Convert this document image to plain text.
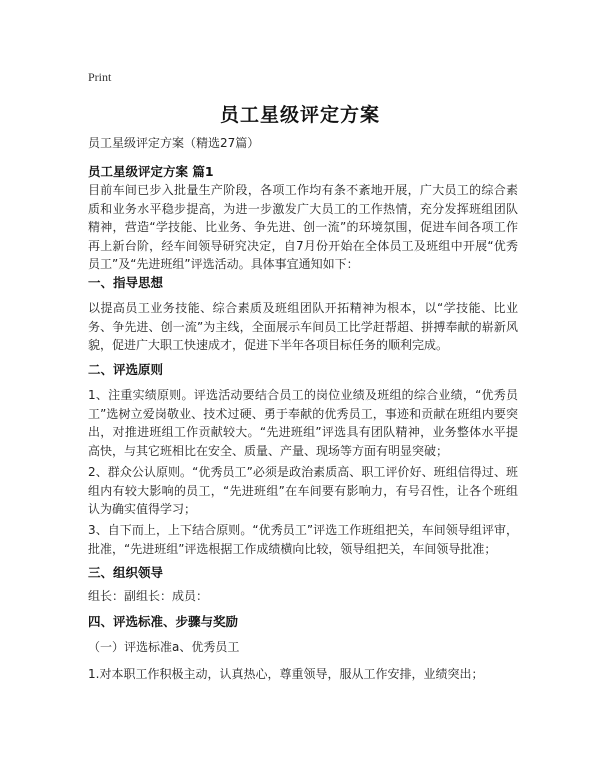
Print
员工星级评定方案
员工星级评定方案（精选27篇）
员工星级评定方案 篇1
目前车间已步入批量生产阶段，各项工作均有条不紊地开展，广大员工的综合素质和业务水平稳步提高，为进一步激发广大员工的工作热情，充分发挥班组团队精神，营造“学技能、比业务、争先进、创一流”的环境氛围，促进车间各项工作再上新台阶，经车间领导研究决定，自7月份开始在全体员工及班组中开展“优秀员工”及“先进班组”评选活动。具体事宜通知如下：
一、指导思想
以提高员工业务技能、综合素质及班组团队开拓精神为根本，以“学技能、比业务、争先进、创一流”为主线，全面展示车间员工比学赶帮超、拼搏奉献的崭新风貌，促进广大职工快速成才，促进下半年各项目标任务的顺利完成。
二、评选原则
1、注重实绩原则。评选活动要结合员工的岗位业绩及班组的综合业绩，“优秀员工”选树立爱岗敬业、技术过硬、勇于奉献的优秀员工，事迹和贡献在班组内要突出，对推进班组工作贡献较大。“先进班组”评选具有团队精神，业务整体水平提高快，与其它班相比在安全、质量、产量、现场等方面有明显突破；
2、群众公认原则。“优秀员工”必须是政治素质高、职工评价好、班组信得过、班组内有较大影响的员工，“先进班组”在车间要有影响力，有号召性，让各个班组认为确实值得学习；
3、自下而上，上下结合原则。“优秀员工”评选工作班组把关，车间领导组评审，批准，“先进班组”评选根据工作成绩横向比较，领导组把关，车间领导批准；
三、组织领导
组长：副组长：成员：
四、评选标准、步骤与奖励
（一）评选标准a、优秀员工
1.对本职工作积极主动，认真热心，尊重领导，服从工作安排，业绩突出；
